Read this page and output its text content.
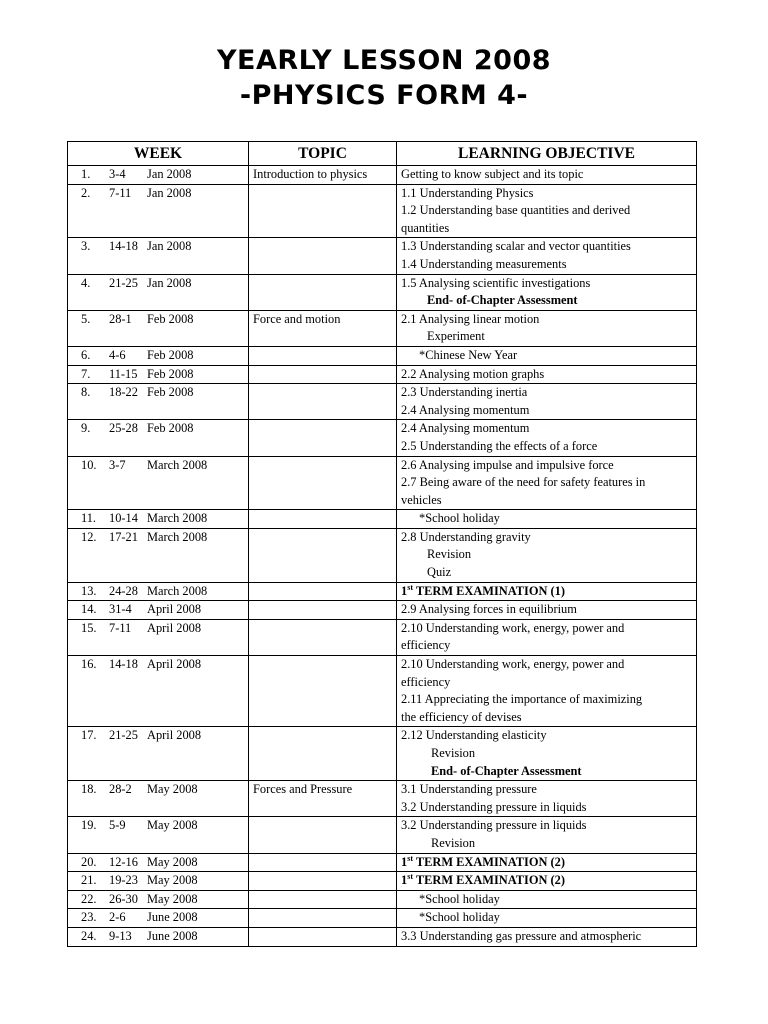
YEARLY LESSON 2008
-PHYSICS FORM 4-
WEEK	TOPIC	LEARNING OBJECTIVE
1. 3-4 Jan 2008	Introduction to physics	Getting to know subject and its topic

2. 7-11 Jan 2008		1.1 Understanding Physics
1.2 Understanding base quantities and derived
quantities

3. 14-18 Jan 2008		1.3 Understanding scalar and vector quantities
1.4 Understanding measurements

4. 21-25 Jan 2008		1.5 Analysing scientific investigations
End- of-Chapter Assessment

5. 28-1 Feb 2008	Force and motion	2.1 Analysing linear motion
Experiment

6. 4-6 Feb 2008		*Chinese New Year

7. 11-15 Feb 2008		2.2 Analysing motion graphs

8. 18-22 Feb 2008		2.3 Understanding inertia
2.4 Analysing momentum

9. 25-28 Feb 2008		2.4 Analysing momentum
2.5 Understanding the effects of a force

10. 3-7 March 2008		2.6 Analysing impulse and impulsive force
2.7 Being aware of the need for safety features in
vehicles

11. 10-14 March 2008		*School holiday

12. 17-21 March 2008		2.8 Understanding gravity
Revision
Quiz

13. 24-28 March 2008		1st TERM EXAMINATION (1)

14. 31-4 April 2008		2.9 Analysing forces in equilibrium

15. 7-11 April 2008		2.10 Understanding work, energy, power and
efficiency

16. 14-18 April 2008		2.10 Understanding work, energy, power and
efficiency
2.11 Appreciating the importance of maximizing
the efficiency of devises

17. 21-25 April 2008		2.12 Understanding elasticity
Revision
End- of-Chapter Assessment

18. 28-2 May 2008	Forces and Pressure	3.1 Understanding pressure
3.2 Understanding pressure in liquids

19. 5-9 May 2008		3.2 Understanding pressure in liquids
Revision

20. 12-16 May 2008		1st TERM EXAMINATION (2)

21. 19-23 May 2008		1st TERM EXAMINATION (2)

22. 26-30 May 2008		*School holiday

23. 2-6 June 2008		*School holiday

24. 9-13 June 2008		3.3 Understanding gas pressure and atmospheric
